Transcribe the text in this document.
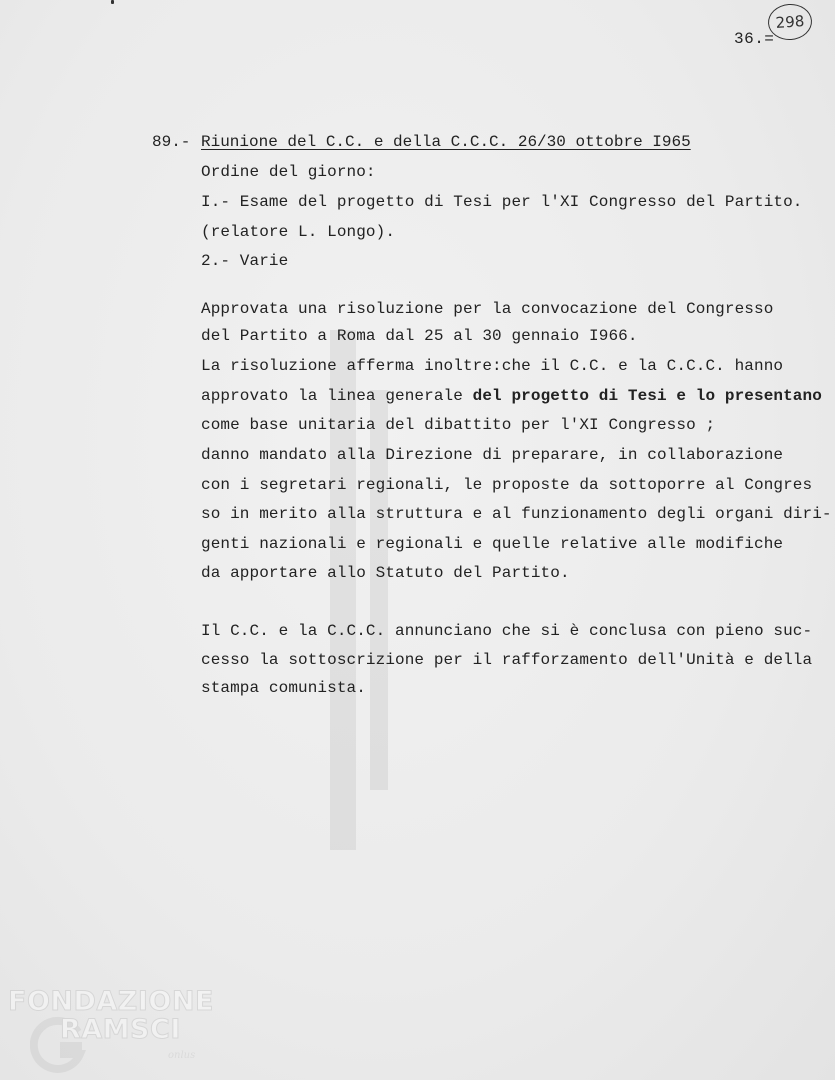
36.=
298
89.- Riunione del C.C. e della C.C.C. 26/30 ottobre I965
Ordine del giorno:
I.- Esame del progetto di Tesi per l'XI Congresso del Partito.
(relatore L. Longo).
2.- Varie
Approvata una risoluzione per la convocazione del Congresso
del Partito a Roma dal 25 al 30 gennaio I966.
La risoluzione afferma inoltre:che il C.C. e la C.C.C. hanno
approvato la linea generale del progetto di Tesi e lo presentano
come base unitaria del dibattito per l'XI Congresso ;
danno mandato alla Direzione di preparare, in collaborazione
con i segretari regionali, le proposte da sottoporre al Congres
so in merito alla struttura e al funzionamento degli organi diri-
genti nazionali e regionali e quelle relative alle modifiche
da apportare allo Statuto del Partito.
Il C.C. e la C.C.C. annunciano che si è conclusa con pieno suc-
cesso la sottoscrizione per il rafforzamento dell'Unità e della
stampa comunista.
FONDAZIONE
RAMSCI
onlus
